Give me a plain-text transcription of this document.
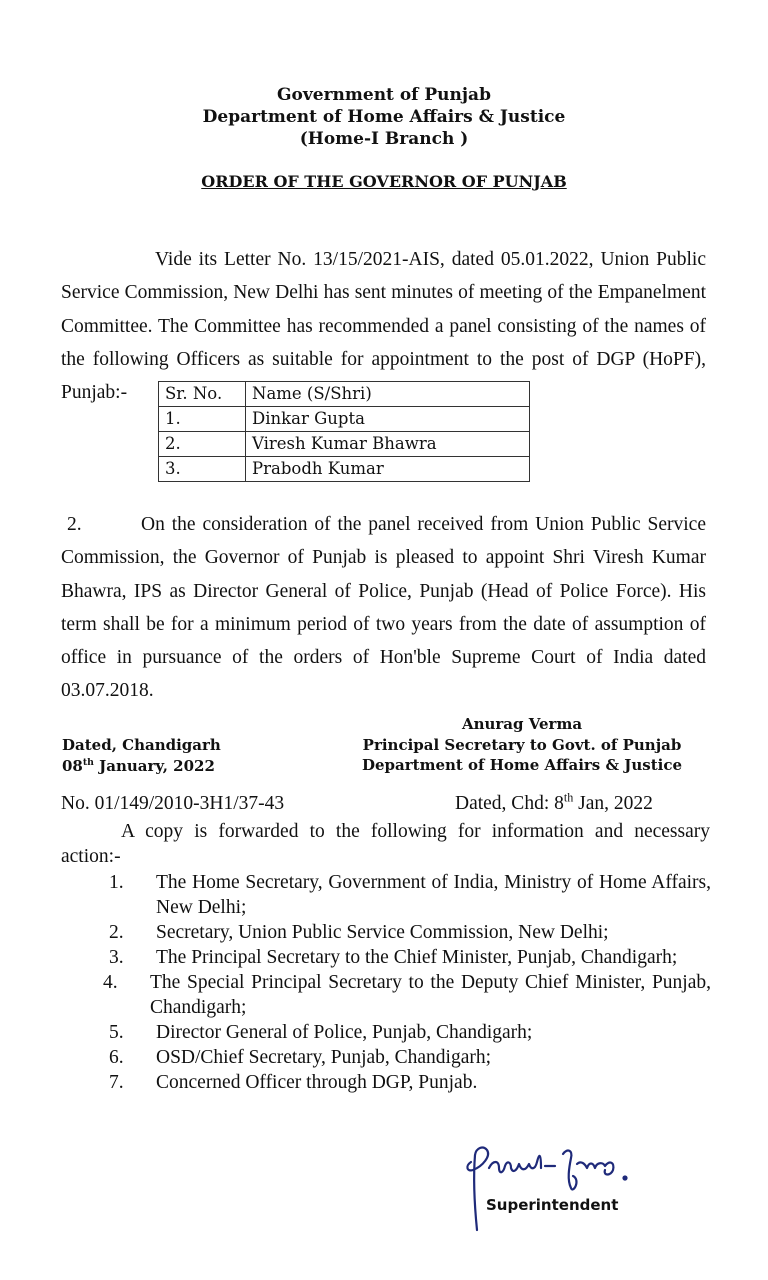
Government of Punjab
Department of Home Affairs & Justice
(Home-I Branch )
ORDER OF THE GOVERNOR OF PUNJAB
Vide its Letter No. 13/15/2021-AIS, dated 05.01.2022, Union Public Service Commission, New Delhi has sent minutes of meeting of the Empanelment Committee. The Committee has recommended a panel consisting of the names of the following Officers as suitable for appointment to the post of DGP (HoPF), Punjab:-	Sr. No.	Name (S/Shri)
1.	Dinkar Gupta
2.	Viresh Kumar Bhawra
3.	Prabodh Kumar
2.	On the consideration of the panel received from Union Public Service Commission, the Governor of Punjab is pleased to appoint Shri Viresh Kumar Bhawra, IPS as Director General of Police, Punjab (Head of Police Force). His term shall be for a minimum period of two years from the date of assumption of office in pursuance of the orders of Hon'ble Supreme Court of India dated 03.07.2018.
Dated, Chandigarh
08th January, 2022
Anurag Verma
Principal Secretary to Govt. of Punjab
Department of Home Affairs & Justice
No. 01/149/2010-3H1/37-43	Dated, Chd: 8th Jan, 2022
A copy is forwarded to the following for information and necessary action:-
1.	The Home Secretary, Government of India, Ministry of Home Affairs, New Delhi;
2.	Secretary, Union Public Service Commission, New Delhi;
3.	The Principal Secretary to the Chief Minister, Punjab, Chandigarh;
4.	The Special Principal Secretary to the Deputy Chief Minister, Punjab, Chandigarh;
5.	Director General of Police, Punjab, Chandigarh;
6.	OSD/Chief Secretary, Punjab, Chandigarh;
7.	Concerned Officer through DGP, Punjab.
Superintendent
